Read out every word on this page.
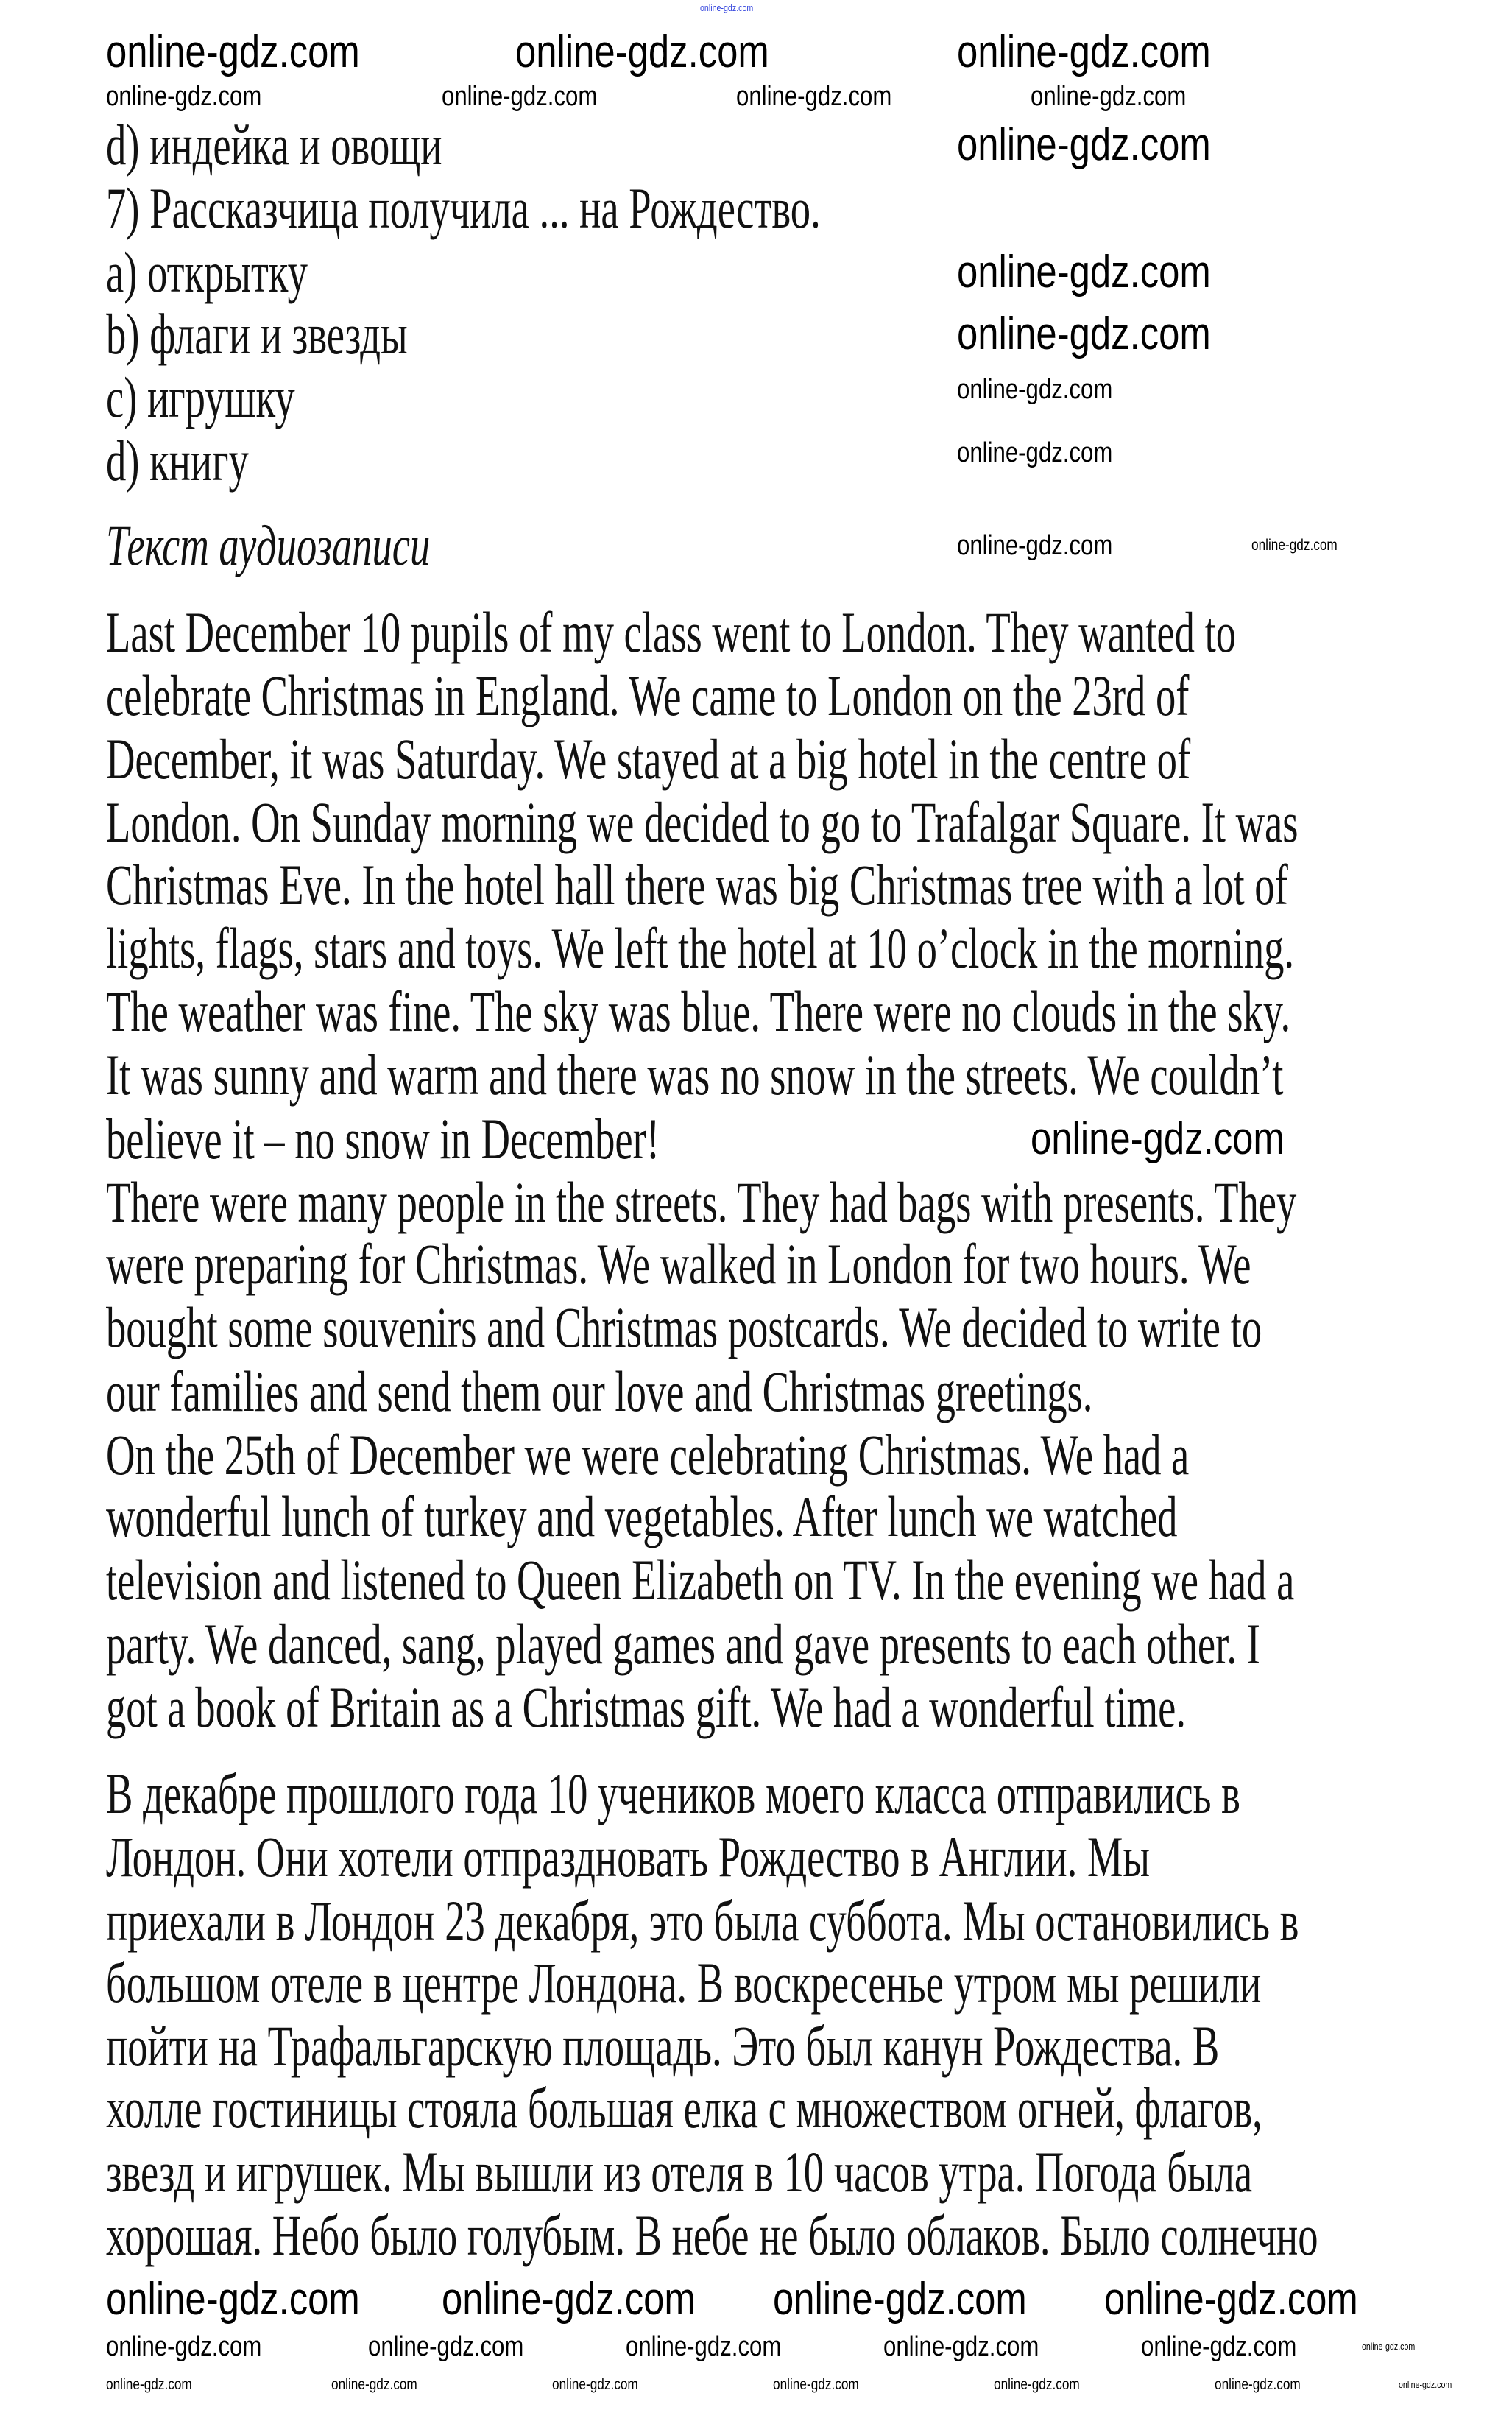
online-gdz.com
d) индейка и овощи
7) Рассказчица получила ... на Рождество.
a) открытку
b) флаги и звезды
c) игрушку
d) книгу
Текст аудиозаписи
Last December 10 pupils of my class went to London. They wanted to
celebrate Christmas in England. We came to London on the 23rd of
December, it was Saturday. We stayed at a big hotel in the centre of
London. On Sunday morning we decided to go to Trafalgar Square. It was
Christmas Eve. In the hotel hall there was big Christmas tree with a lot of
lights, flags, stars and toys. We left the hotel at 10 o’clock in the morning.
The weather was fine. The sky was blue. There were no clouds in the sky.
It was sunny and warm and there was no snow in the streets. We couldn’t
believe it – no snow in December!
There were many people in the streets. They had bags with presents. They
were preparing for Christmas. We walked in London for two hours. We
bought some souvenirs and Christmas postcards. We decided to write to
our families and send them our love and Christmas greetings.
On the 25th of December we were celebrating Christmas. We had a
wonderful lunch of turkey and vegetables. After lunch we watched
television and listened to Queen Elizabeth on TV. In the evening we had a
party. We danced, sang, played games and gave presents to each other. I
got a book of Britain as a Christmas gift. We had a wonderful time.
В декабре прошлого года 10 учеников моего класса отправились в
Лондон. Они хотели отпраздновать Рождество в Англии. Мы
приехали в Лондон 23 декабря, это была суббота. Мы остановились в
большом отеле в центре Лондона. В воскресенье утром мы решили
пойти на Трафальгарскую площадь. Это был канун Рождества. В
холле гостиницы стояла большая елка с множеством огней, флагов,
звезд и игрушек. Мы вышли из отеля в 10 часов утра. Погода была
хорошая. Небо было голубым. В небе не было облаков. Было солнечно
online-gdz.com	online-gdz.com	online-gdz.com
online-gdz.com	online-gdz.com	online-gdz.com	online-gdz.com
online-gdz.com
online-gdz.com
online-gdz.com
online-gdz.com
online-gdz.com
online-gdz.com	online-gdz.com
online-gdz.com
online-gdz.com online-gdz.com online-gdz.com online-gdz.com
online-gdz.com	online-gdz.com	online-gdz.com	online-gdz.com	online-gdz.com	online-gdz.com
online-gdz.com	online-gdz.com	online-gdz.com	online-gdz.com	online-gdz.com	online-gdz.com	online-gdz.com
